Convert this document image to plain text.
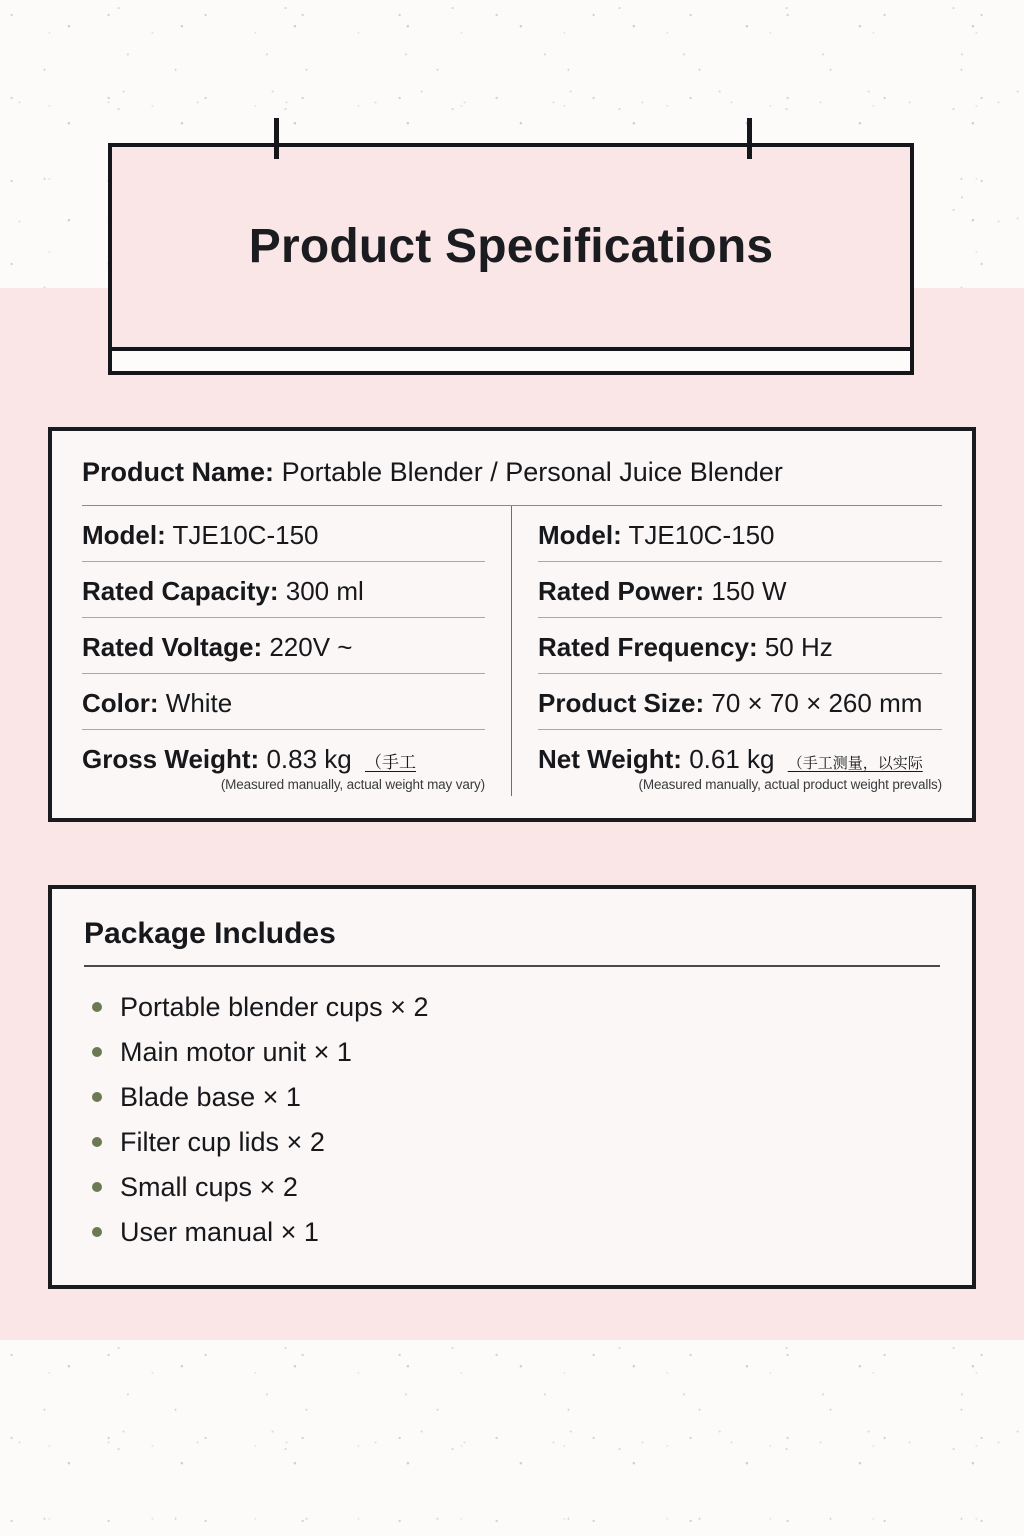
Product Specifications
Product Name: Portable Blender / Personal Juice Blender
Model: TJE10C-150
Rated Capacity: 300 ml
Rated Voltage: 220V ~
Color: White
Gross Weight: 0.83 kg （手工
(Measured manually, actual weight may vary)
Model: TJE10C-150
Rated Power: 150 W
Rated Frequency: 50 Hz
Product Size: 70 × 70 × 260 mm
Net Weight: 0.61 kg （手工测量，以实际
(Measured manually, actual product weight prevalls)
Package Includes
Portable blender cups × 2
Main motor unit × 1
Blade base × 1
Filter cup lids × 2
Small cups × 2
User manual × 1
